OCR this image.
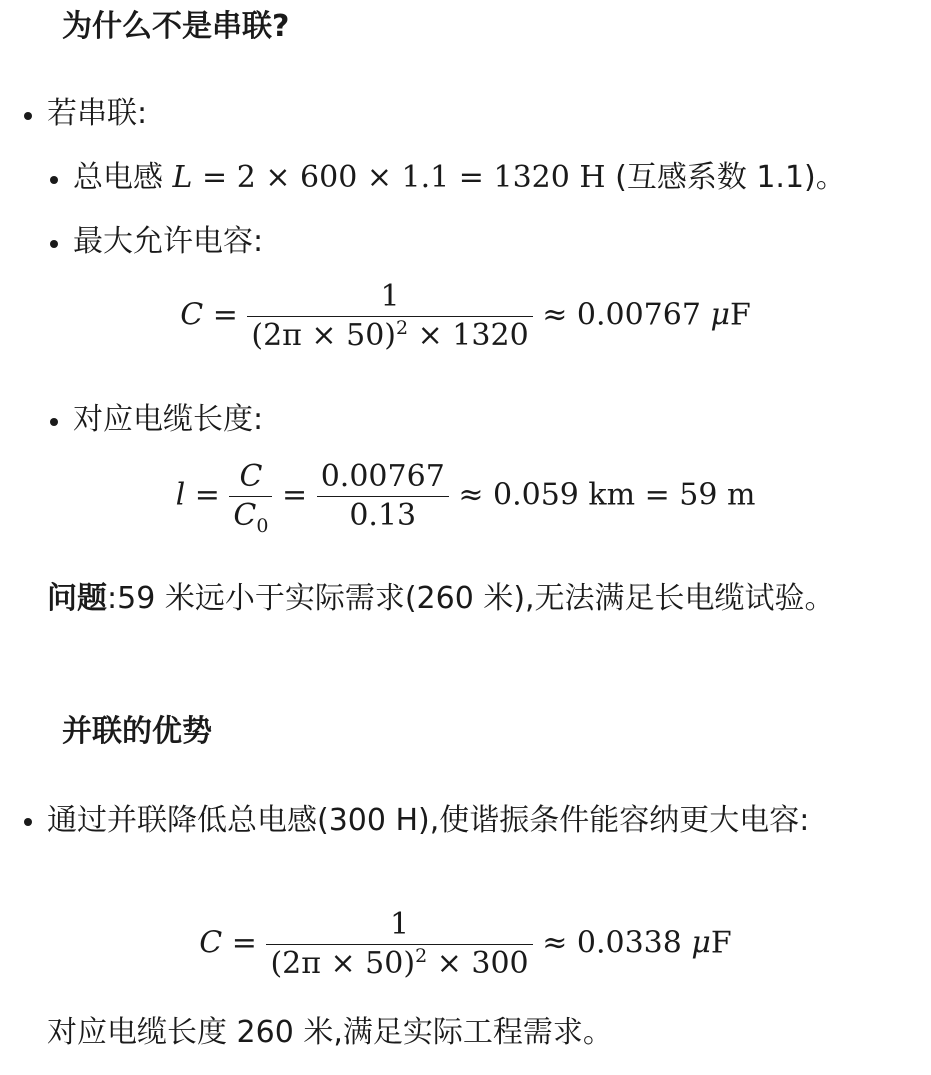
为什么不是串联?
若串联:
总电感 L = 2 × 600 × 1.1 = 1320 H (互感系数 1.1)。
最大允许电容:
$C = \frac{1}{(2\pi \times 50)^2 \times 1320} \approx 0.00767$ μF
对应电缆长度:
$l = \frac{C}{C_0} = \frac{0.00767}{0.13} \approx 0.059$ km = 59 m
问题:59 米远小于实际需求(260 米),无法满足长电缆试验。
并联的优势
通过并联降低总电感(300 H),使谐振条件能容纳更大电容:
$C = \frac{1}{(2\pi \times 50)^2 \times 300} \approx 0.0338$ μF
对应电缆长度 260 米,满足实际工程需求。
